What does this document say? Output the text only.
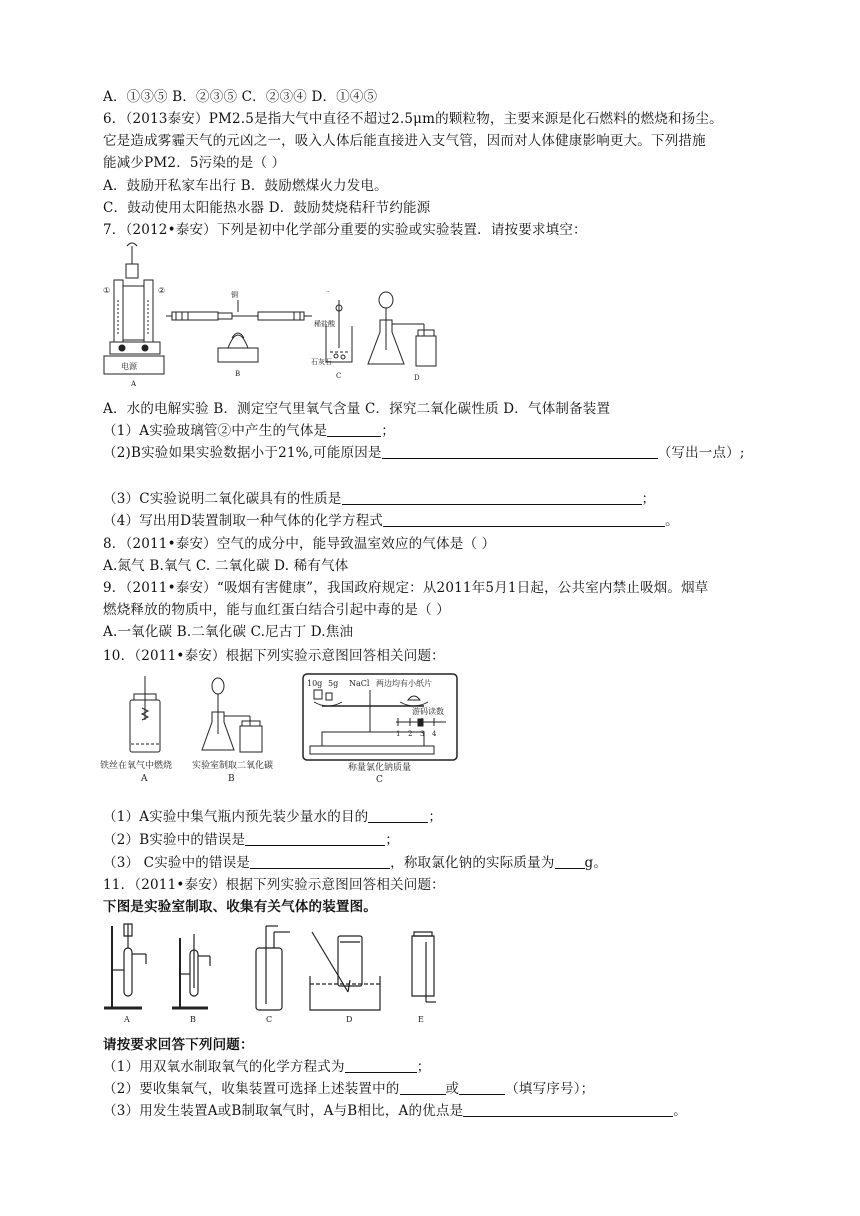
A．①③⑤ B．②③⑤ C．②③④ D．①④⑤
6．（2013泰安）PM2.5是指大气中直径不超过2.5μm的颗粒物，主要来源是化石燃料的燃烧和扬尘。
它是造成雾霾天气的元凶之一，吸入人体后能直接进入支气管，因而对人体健康影响更大。下列措施
能减少PM2．5污染的是（ ）
A．鼓励开私家车出行 B．鼓励燃煤火力发电。
C．鼓动使用太阳能热水器 D．鼓励焚烧秸秆节约能源
7．（2012•泰安）下列是初中化学部分重要的实验或实验装置．请按要求填空：
①	②
电源
A
铜
B
..
稀盐酸
石灰石
C	D
A．水的电解实验 B．测定空气里氧气含量 C．探究二氧化碳性质 D．气体制备装置
（1）A实验玻璃管②中产生的气体是	；
（2)B实验如果实验数据小于21%,可能原因是	（写出一点）;
（3）C实验说明二氧化碳具有的性质是	；
（4）写出用D装置制取一种气体的化学方程式	。
8．（2011•泰安）空气的成分中，能导致温室效应的气体是（ ）
A.氮气 B.氧气 C. 二氧化碳 D. 稀有气体
9．（2011•泰安）“吸烟有害健康”，我国政府规定：从2011年5月1日起，公共室内禁止吸烟。烟草
燃烧释放的物质中，能与血红蛋白结合引起中毒的是（ ）
A.一氧化碳 B.二氧化碳 C.尼古丁 D.焦油
10．（2011•泰安）根据下列实验示意图回答相关问题：
铁丝在氧气中燃烧
A
实验室制取二氧化碳
B
10g 5g NaCl 两边均有小纸片
游码读数
1 2 3 4
称量氯化钠质量
C
（1）A实验中集气瓶内预先装少量水的目的	；
（2）B实验中的错误是	；
（3） C实验中的错误是	，称取氯化钠的实际质量为 g。
11．（2011•泰安）根据下列实验示意图回答相关问题：
下图是实验室制取、收集有关气体的装置图。
A	B	C	D	E
请按要求回答下列问题：
（1）用双氧水制取氧气的化学方程式为	；
（2）要收集氧气，收集装置可选择上述装置中的	或	（填写序号）；
（3）用发生装置A或B制取氧气时，A与B相比，A的优点是	。
